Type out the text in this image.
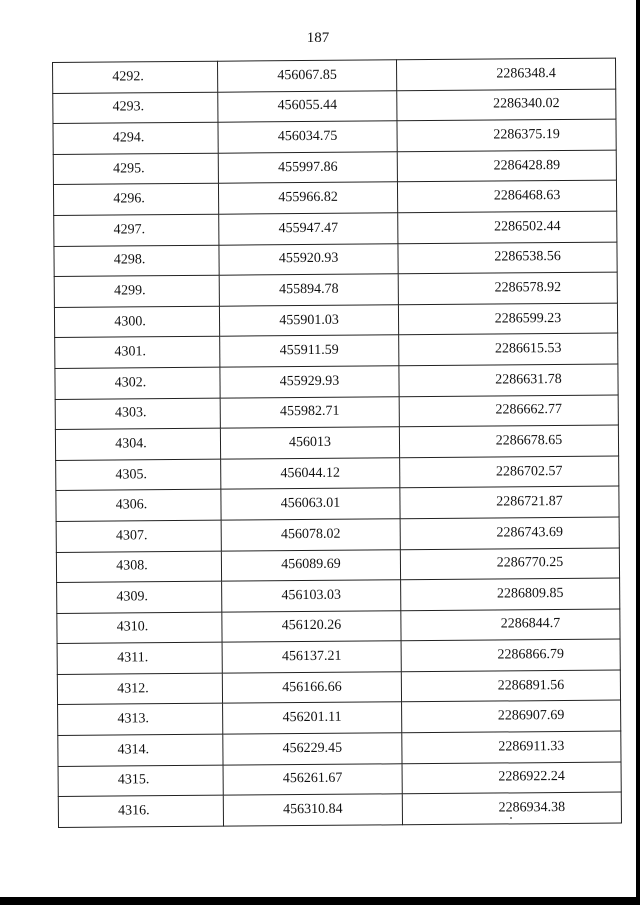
187
4292.	456067.85	2286348.4
4293.	456055.44	2286340.02
4294.	456034.75	2286375.19
4295.	455997.86	2286428.89
4296.	455966.82	2286468.63
4297.	455947.47	2286502.44
4298.	455920.93	2286538.56
4299.	455894.78	2286578.92
4300.	455901.03	2286599.23
4301.	455911.59	2286615.53
4302.	455929.93	2286631.78
4303.	455982.71	2286662.77
4304.	456013	2286678.65
4305.	456044.12	2286702.57
4306.	456063.01	2286721.87
4307.	456078.02	2286743.69
4308.	456089.69	2286770.25
4309.	456103.03	2286809.85
4310.	456120.26	2286844.7
4311.	456137.21	2286866.79
4312.	456166.66	2286891.56
4313.	456201.11	2286907.69
4314.	456229.45	2286911.33
4315.	456261.67	2286922.24
4316.	456310.84	2286934.38
